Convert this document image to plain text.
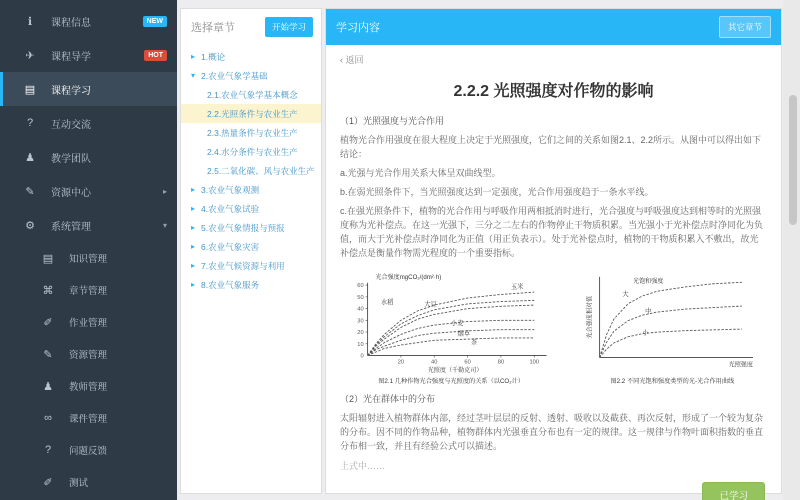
ℹ	课程信息	NEW
✈	课程导学	HOT
▤	课程学习
?	互动交流
♟	教学团队
✎	资源中心	▸
⚙	系统管理	▾
▤	知识管理
⌘	章节管理
✐	作业管理
✎	资源管理
♟	教师管理
∞	课件管理
?	问题反馈
✐	测试
选择章节	开始学习
▸ 1.概论
▾ 2.农业气象学基础
2.1.农业气象学基本概念
2.2.光照条件与农业生产
2.3.热量条件与农业生产
2.4.水分条件与农业生产
2.5.二氧化碳、风与农业生产
▸ 3.农业气象观测
▸ 4.农业气象试验
▸ 5.农业气象情报与预报
▸ 6.农业气象灾害
▸ 7.农业气候资源与利用
▸ 8.农业气象服务
学习内容	其它章节
‹ 返回
2.2.2 光照强度对作物的影响
（1）光照强度与光合作用
植物光合作用强度在很大程度上决定于光照强度，它们之间的关系如图2.1、2.2所示。从图中可以得出如下结论：
a.光强与光合作用关系大体呈双曲线型。
b.在弱光照条件下，当光照强度达到一定强度，光合作用强度趋于一条水平线。
c.在强光照条件下，植物的光合作用与呼吸作用两相抵消时进行，光合强度与呼吸强度达到相等时的光照强度称为光补偿点。在这一光强下，三分之二左右的作物停止干物质积累。当光强小于光补偿点时净同化为负值，而大于光补偿点时净同化为正值（用正负表示）。处于光补偿点时，植物的干物质积累入不敷出，故光补偿点是衡量作物需光程度的一个重要指标。
0
10
20
30
40
50
60
20	40	60	80	100
玉米
水稻	大豆
小麦
烟草
茶
光合强度mgCO₂/(dm²·h)
光照度（千勒克司）
图2.1 几种作物光合强度与光照度的关系（以CO₂计）
大
中
小
光饱和强度
光照强度
光合强度相对值
图2.2 不同光饱和强度类型的光-光合作用曲线
（2）光在群体中的分布
太阳辐射进入植物群体内部，经过茎叶层层的反射、透射、吸收以及截获、再次反射，形成了一个较为复杂的分布。因不同的作物品种，植物群体内光强垂直分布也有一定的规律。这一规律与作物叶面积指数的垂直分布相一致，并且有经验公式可以描述。
上式中……
已学习
